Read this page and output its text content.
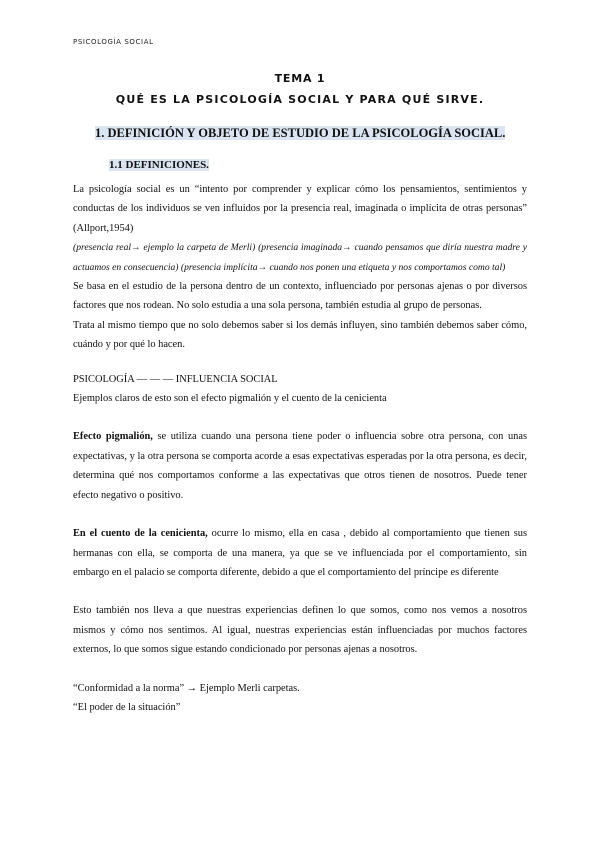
PSICOLOGÍA SOCIAL

TEMA 1

QUÉ ES LA PSICOLOGÍA SOCIAL Y PARA QUÉ SIRVE.

1. DEFINICIÓN Y OBJETO DE ESTUDIO DE LA PSICOLOGÍA SOCIAL.

1.1 DEFINICIONES.

La psicología social es un “intento por comprender y explicar cómo los pensamientos, sentimientos y conductas de los individuos se ven influidos por la presencia real, imaginada o implícita de otras personas” (Allport,1954)

(presencia real→ ejemplo la carpeta de Merli) (presencia imaginada→ cuando pensamos que diría nuestra madre y actuamos en consecuencia) (presencia implícita→ cuando nos ponen una etiqueta y nos comportamos como tal)

Se basa en el estudio de la persona dentro de un contexto, influenciado por personas ajenas o por diversos factores que nos rodean. No solo estudia a una sola persona, también estudia al grupo de personas.

Trata al mismo tiempo que no solo debemos saber si los demás influyen, sino también debemos saber cómo, cuándo y por qué lo hacen.

PSICOLOGÍA — — — INFLUENCIA SOCIAL

Ejemplos claros de esto son el efecto pigmalión y el cuento de la cenicienta

Efecto pigmalión, se utiliza cuando una persona tiene poder o influencia sobre otra persona, con unas expectativas, y la otra persona se comporta acorde a esas expectativas esperadas por la otra persona, es decir, determina qué nos comportamos conforme a las expectativas que otros tienen de nosotros. Puede tener efecto negativo o positivo.

En el cuento de la cenicienta, ocurre lo mismo, ella en casa , debido al comportamiento que tienen sus hermanas con ella, se comporta de una manera, ya que se ve influenciada por el comportamiento, sin embargo en el palacio se comporta diferente, debido a que el comportamiento del príncipe es diferente

Esto también nos lleva a que nuestras experiencias definen lo que somos, como nos vemos a nosotros mismos y cómo nos sentimos. Al igual, nuestras experiencias están influenciadas por muchos factores externos, lo que somos sigue estando condicionado por personas ajenas a nosotros.

“Conformidad a la norma” → Ejemplo Merli carpetas.

“El poder de la situación”
